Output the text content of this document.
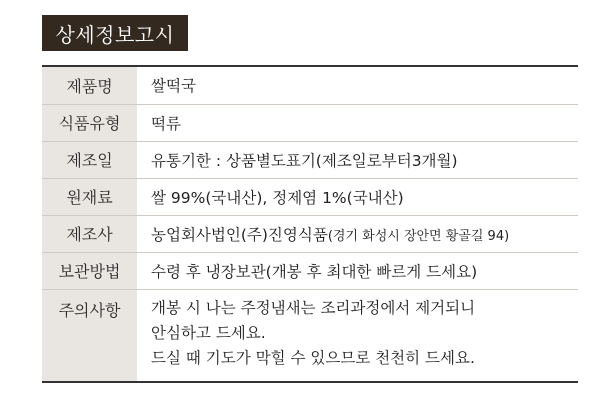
상세정보고시
제품명	쌀떡국
식품유형	떡류
제조일	유통기한 : 상품별도표기(제조일로부터3개월)
원재료	쌀 99%(국내산), 정제염 1%(국내산)
제조사	농업회사법인(주)진영식품(경기 화성시 장안면 황골길 94)
보관방법	수령 후 냉장보관(개봉 후 최대한 빠르게 드세요)
주의사항	개봉 시 나는 주정냄새는 조리과정에서 제거되니
안심하고 드세요.
드실 때 기도가 막힐 수 있으므로 천천히 드세요.
